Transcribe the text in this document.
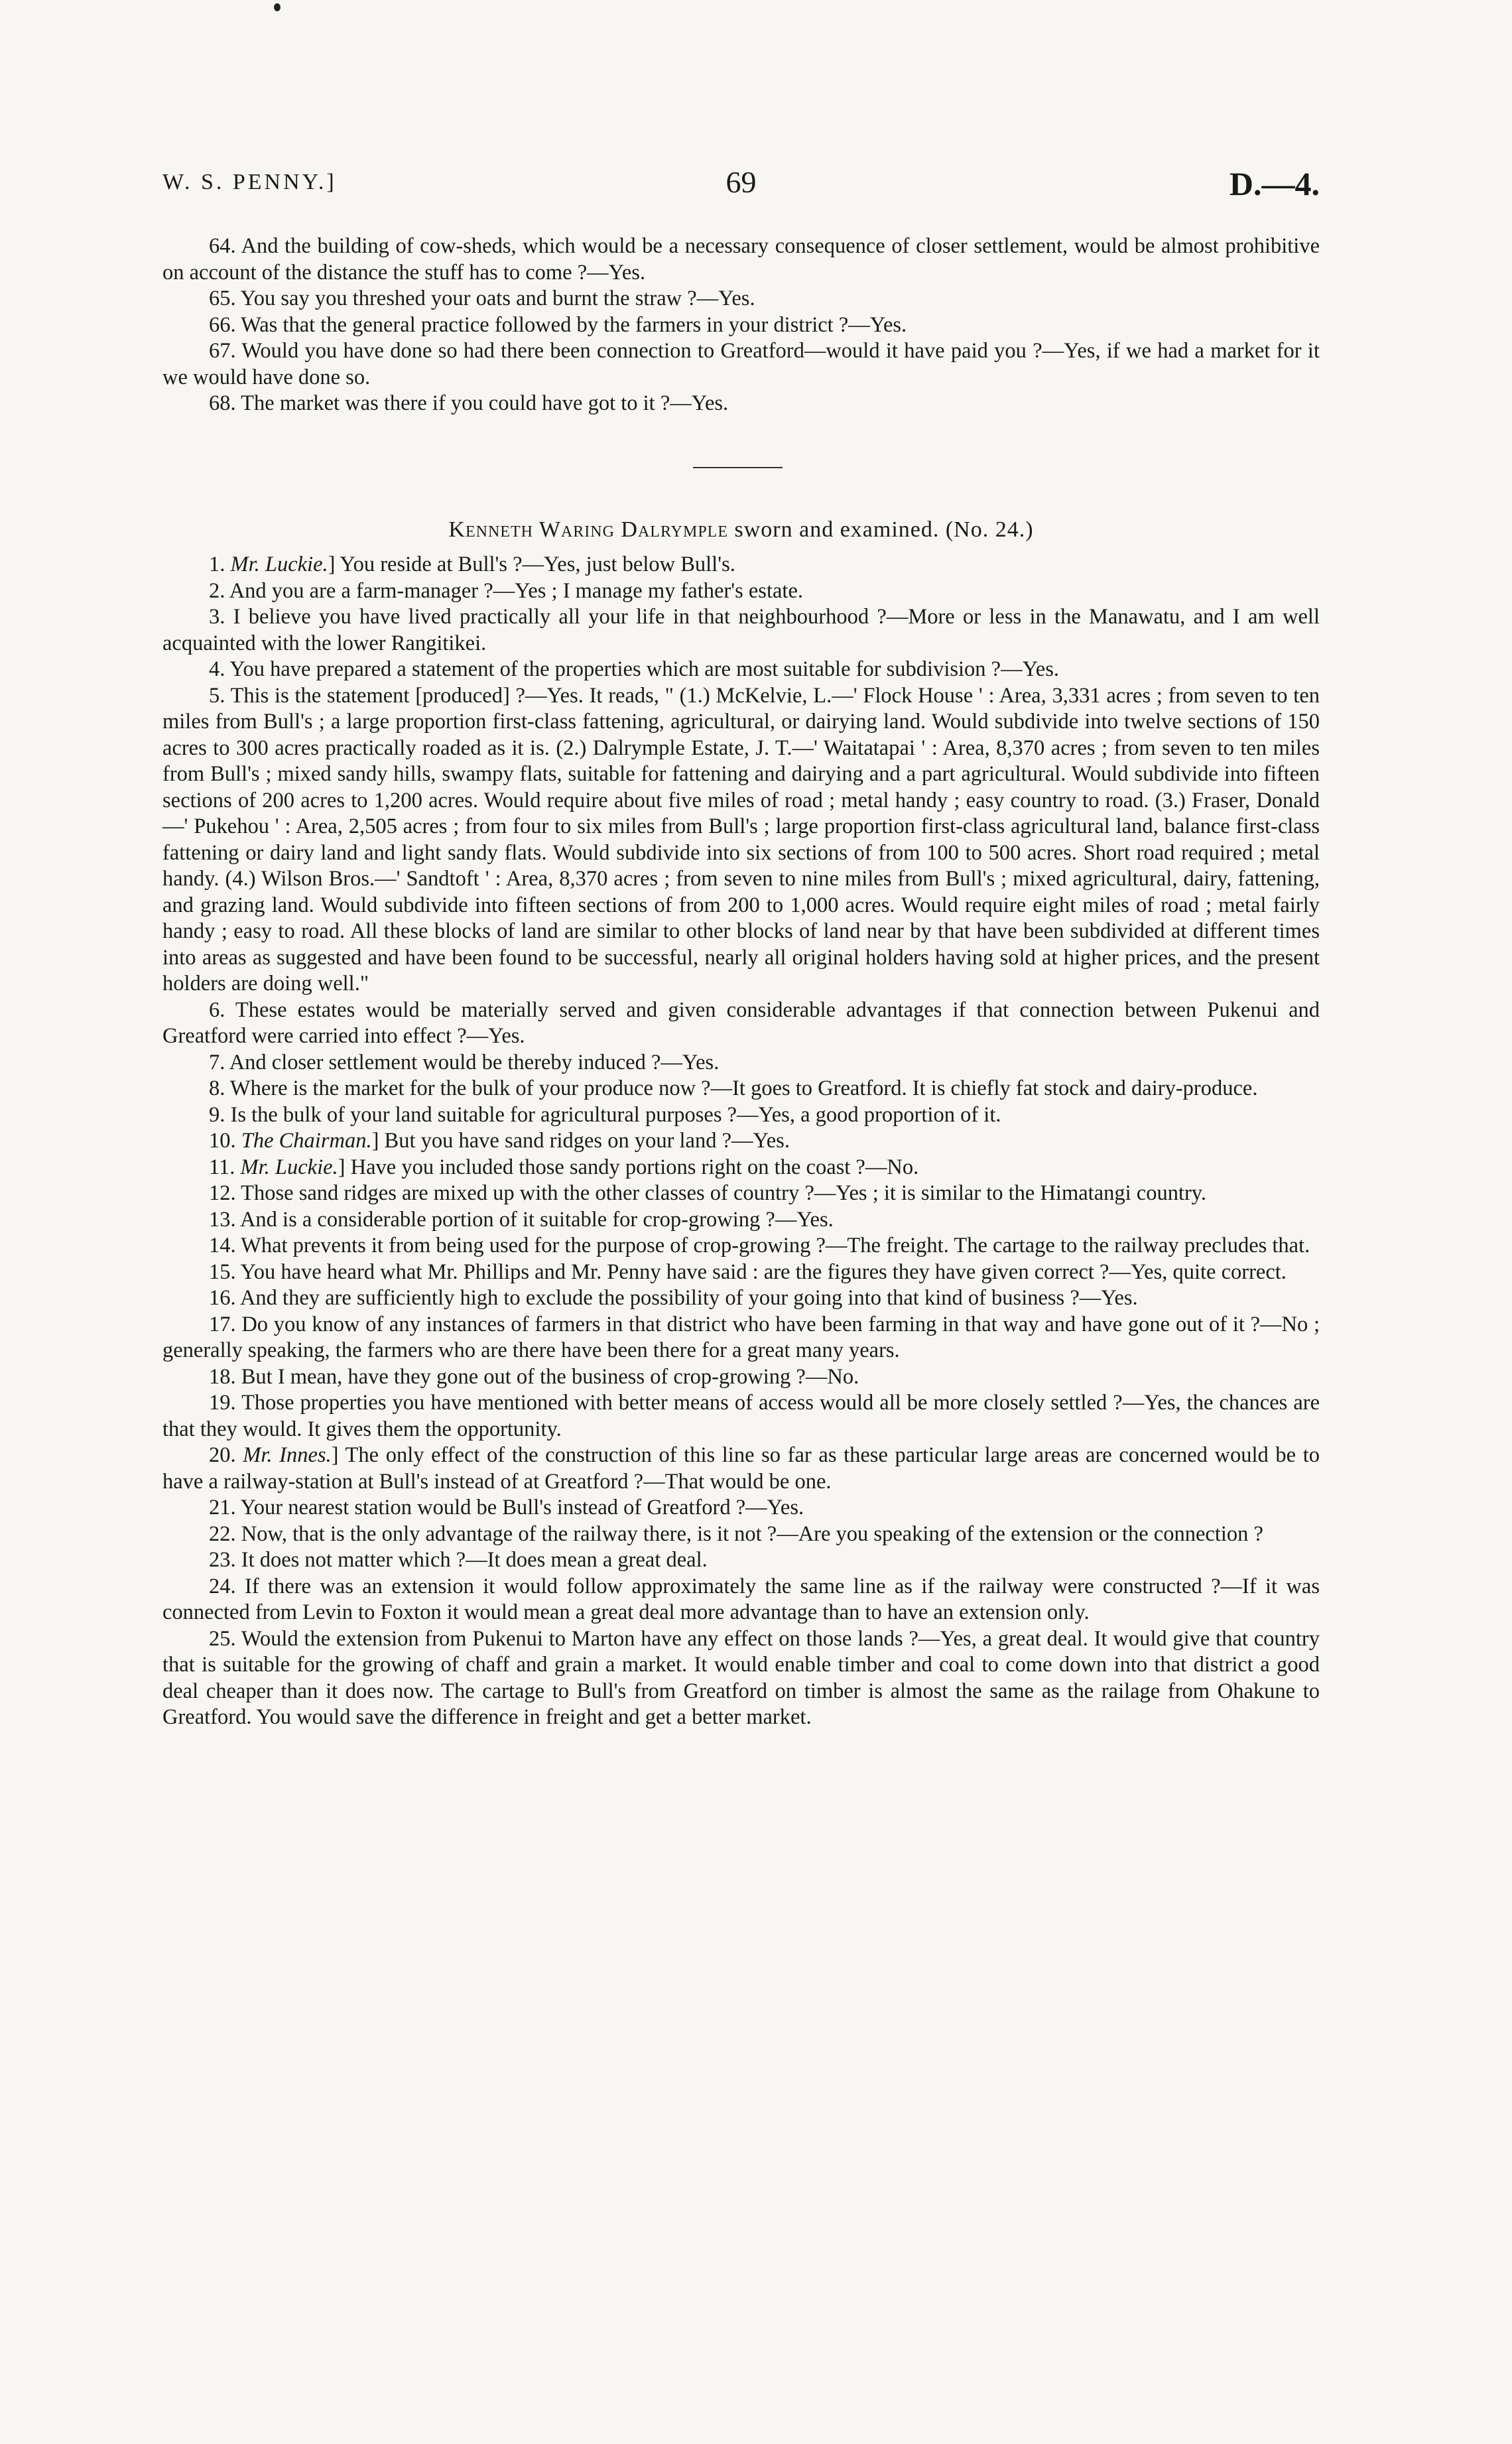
W. S. PENNY.]	69	D.—4.

64. And the building of cow-sheds, which would be a necessary consequence of closer settlement, would be almost prohibitive on account of the distance the stuff has to come ?—Yes.

65. You say you threshed your oats and burnt the straw ?—Yes.

66. Was that the general practice followed by the farmers in your district ?—Yes.

67. Would you have done so had there been connection to Greatford—would it have paid you ?—Yes, if we had a market for it we would have done so.

68. The market was there if you could have got to it ?—Yes.

Kenneth Waring Dalrymple sworn and examined. (No. 24.)

1. Mr. Luckie.] You reside at Bull's ?—Yes, just below Bull's.

2. And you are a farm-manager ?—Yes ; I manage my father's estate.

3. I believe you have lived practically all your life in that neighbourhood ?—More or less in the Manawatu, and I am well acquainted with the lower Rangitikei.

4. You have prepared a statement of the properties which are most suitable for subdivision ?—Yes.

5. This is the statement [produced] ?—Yes. It reads, " (1.) McKelvie, L.—' Flock House ' : Area, 3,331 acres ; from seven to ten miles from Bull's ; a large proportion first-class fattening, agricultural, or dairying land. Would subdivide into twelve sections of 150 acres to 300 acres practically roaded as it is. (2.) Dalrymple Estate, J. T.—' Waitatapai ' : Area, 8,370 acres ; from seven to ten miles from Bull's ; mixed sandy hills, swampy flats, suitable for fattening and dairying and a part agricultural. Would subdivide into fifteen sections of 200 acres to 1,200 acres. Would require about five miles of road ; metal handy ; easy country to road. (3.) Fraser, Donald—' Pukehou ' : Area, 2,505 acres ; from four to six miles from Bull's ; large proportion first-class agricultural land, balance first-class fattening or dairy land and light sandy flats. Would subdivide into six sections of from 100 to 500 acres. Short road required ; metal handy. (4.) Wilson Bros.—' Sandtoft ' : Area, 8,370 acres ; from seven to nine miles from Bull's ; mixed agricultural, dairy, fattening, and grazing land. Would subdivide into fifteen sections of from 200 to 1,000 acres. Would require eight miles of road ; metal fairly handy ; easy to road. All these blocks of land are similar to other blocks of land near by that have been subdivided at different times into areas as suggested and have been found to be successful, nearly all original holders having sold at higher prices, and the present holders are doing well."

6. These estates would be materially served and given considerable advantages if that connection between Pukenui and Greatford were carried into effect ?—Yes.

7. And closer settlement would be thereby induced ?—Yes.

8. Where is the market for the bulk of your produce now ?—It goes to Greatford. It is chiefly fat stock and dairy-produce.

9. Is the bulk of your land suitable for agricultural purposes ?—Yes, a good proportion of it.

10. The Chairman.] But you have sand ridges on your land ?—Yes.

11. Mr. Luckie.] Have you included those sandy portions right on the coast ?—No.

12. Those sand ridges are mixed up with the other classes of country ?—Yes ; it is similar to the Himatangi country.

13. And is a considerable portion of it suitable for crop-growing ?—Yes.

14. What prevents it from being used for the purpose of crop-growing ?—The freight. The cartage to the railway precludes that.

15. You have heard what Mr. Phillips and Mr. Penny have said : are the figures they have given correct ?—Yes, quite correct.

16. And they are sufficiently high to exclude the possibility of your going into that kind of business ?—Yes.

17. Do you know of any instances of farmers in that district who have been farming in that way and have gone out of it ?—No ; generally speaking, the farmers who are there have been there for a great many years.

18. But I mean, have they gone out of the business of crop-growing ?—No.

19. Those properties you have mentioned with better means of access would all be more closely settled ?—Yes, the chances are that they would. It gives them the opportunity.

20. Mr. Innes.] The only effect of the construction of this line so far as these particular large areas are concerned would be to have a railway-station at Bull's instead of at Greatford ?—That would be one.

21. Your nearest station would be Bull's instead of Greatford ?—Yes.

22. Now, that is the only advantage of the railway there, is it not ?—Are you speaking of the extension or the connection ?

23. It does not matter which ?—It does mean a great deal.

24. If there was an extension it would follow approximately the same line as if the railway were constructed ?—If it was connected from Levin to Foxton it would mean a great deal more advantage than to have an extension only.

25. Would the extension from Pukenui to Marton have any effect on those lands ?—Yes, a great deal. It would give that country that is suitable for the growing of chaff and grain a market. It would enable timber and coal to come down into that district a good deal cheaper than it does now. The cartage to Bull's from Greatford on timber is almost the same as the railage from Ohakune to Greatford. You would save the difference in freight and get a better market.
